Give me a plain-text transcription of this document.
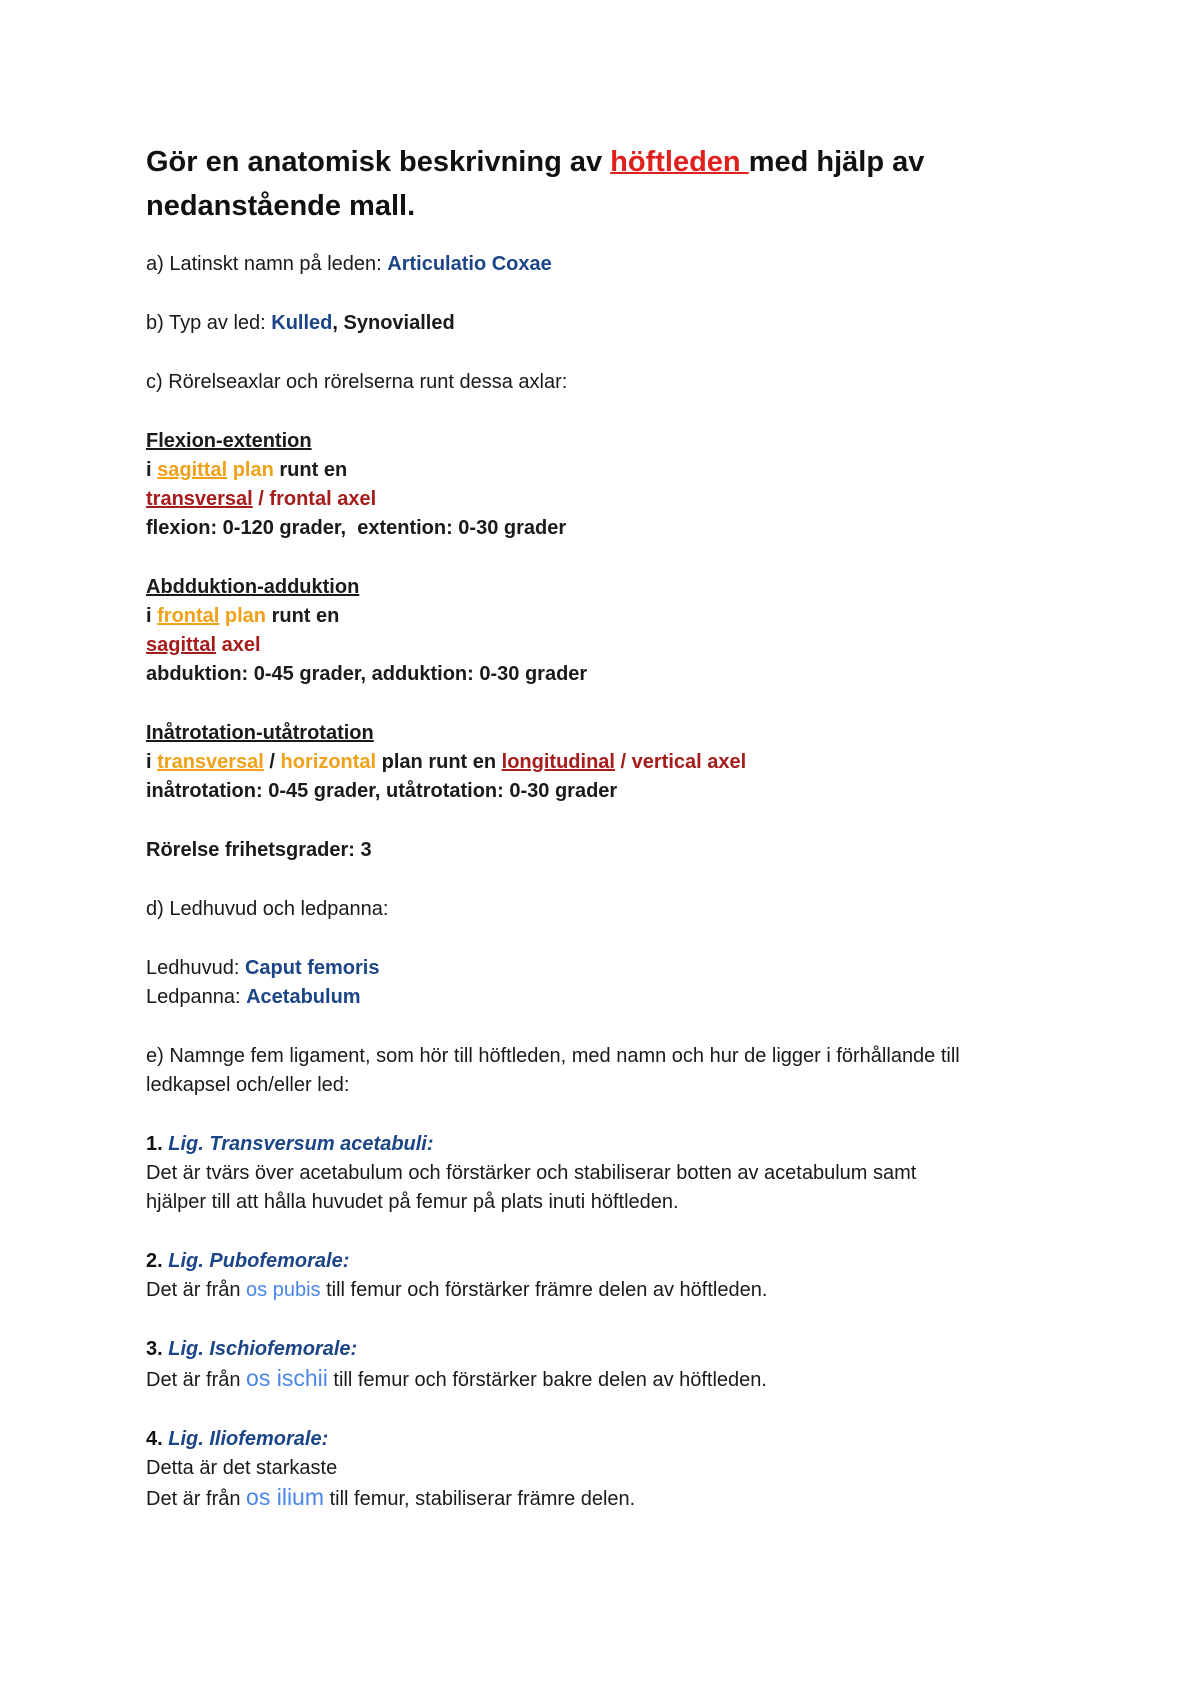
Gör en anatomisk beskrivning av höftleden med hjälp av nedanstående mall.

a) Latinskt namn på leden: Articulatio Coxae

b) Typ av led: Kulled, Synovialled

c) Rörelseaxlar och rörelserna runt dessa axlar:

Flexion-extention

i sagittal plan runt en

transversal / frontal axel

flexion: 0-120 grader,  extention: 0-30 grader

Abdduktion-adduktion

i frontal plan runt en

sagittal axel

abduktion: 0-45 grader, adduktion: 0-30 grader

Inåtrotation-utåtrotation

i transversal / horizontal plan runt en longitudinal / vertical axel

inåtrotation: 0-45 grader, utåtrotation: 0-30 grader

Rörelse frihetsgrader: 3

d) Ledhuvud och ledpanna:

Ledhuvud: Caput femoris

Ledpanna: Acetabulum

e) Namnge fem ligament, som hör till höftleden, med namn och hur de ligger i förhållande till

ledkapsel och/eller led:

1. Lig. Transversum acetabuli:

Det är tvärs över acetabulum och förstärker och stabiliserar botten av acetabulum samt

hjälper till att hålla huvudet på femur på plats inuti höftleden.

2. Lig. Pubofemorale:

Det är från os pubis till femur och förstärker främre delen av höftleden.

3. Lig. Ischiofemorale:

Det är från os ischii till femur och förstärker bakre delen av höftleden.

4. Lig. Iliofemorale:

Detta är det starkaste

Det är från os ilium till femur, stabiliserar främre delen.
